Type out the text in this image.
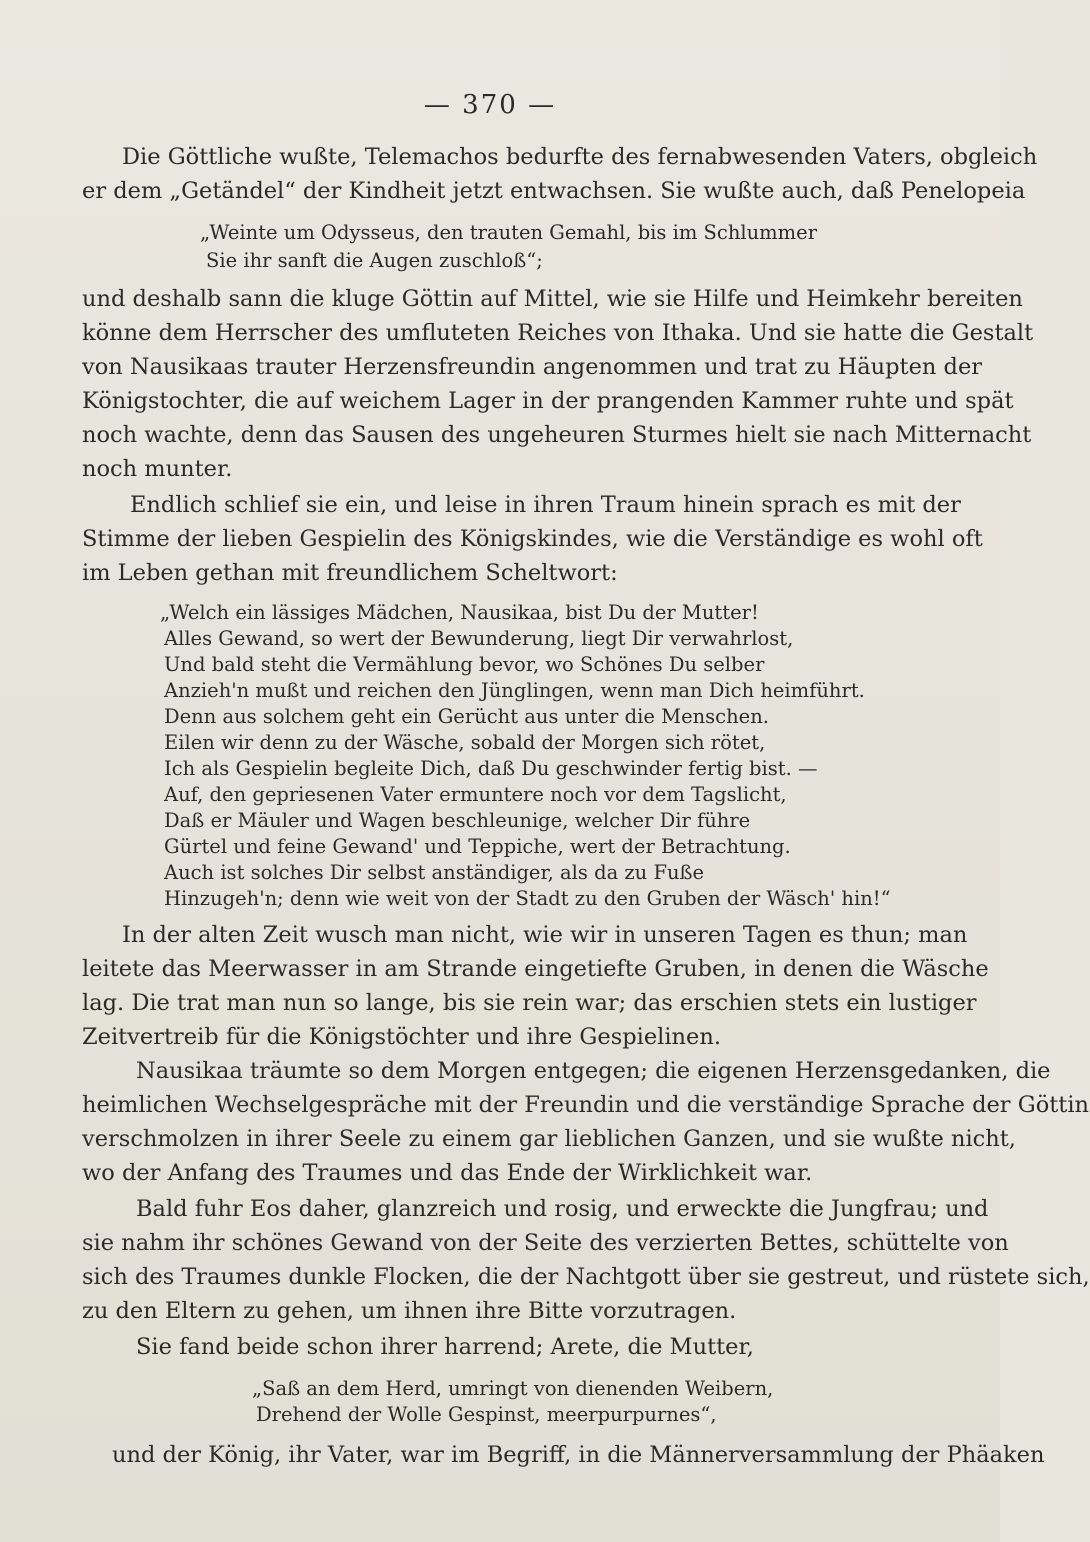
— 370 —
Die Göttliche wußte, Telemachos bedurfte des fernabwesenden Vaters, obgleich
er dem „Getändel“ der Kindheit jetzt entwachsen. Sie wußte auch, daß Penelopeia
„Weinte um Odysseus, den trauten Gemahl, bis im Schlummer
Sie ihr sanft die Augen zuschloß“;
und deshalb sann die kluge Göttin auf Mittel, wie sie Hilfe und Heimkehr bereiten
könne dem Herrscher des umfluteten Reiches von Ithaka. Und sie hatte die Gestalt
von Nausikaas trauter Herzensfreundin angenommen und trat zu Häupten der
Königstochter, die auf weichem Lager in der prangenden Kammer ruhte und spät
noch wachte, denn das Sausen des ungeheuren Sturmes hielt sie nach Mitternacht
noch munter.
Endlich schlief sie ein, und leise in ihren Traum hinein sprach es mit der
Stimme der lieben Gespielin des Königskindes, wie die Verständige es wohl oft
im Leben gethan mit freundlichem Scheltwort:
„Welch ein lässiges Mädchen, Nausikaa, bist Du der Mutter!
Alles Gewand, so wert der Bewunderung, liegt Dir verwahrlost,
Und bald steht die Vermählung bevor, wo Schönes Du selber
Anzieh'n mußt und reichen den Jünglingen, wenn man Dich heimführt.
Denn aus solchem geht ein Gerücht aus unter die Menschen.
Eilen wir denn zu der Wäsche, sobald der Morgen sich rötet,
Ich als Gespielin begleite Dich, daß Du geschwinder fertig bist. —
Auf, den gepriesenen Vater ermuntere noch vor dem Tagslicht,
Daß er Mäuler und Wagen beschleunige, welcher Dir führe
Gürtel und feine Gewand' und Teppiche, wert der Betrachtung.
Auch ist solches Dir selbst anständiger, als da zu Fuße
Hinzugeh'n; denn wie weit von der Stadt zu den Gruben der Wäsch' hin!“
In der alten Zeit wusch man nicht, wie wir in unseren Tagen es thun; man
leitete das Meerwasser in am Strande eingetiefte Gruben, in denen die Wäsche
lag. Die trat man nun so lange, bis sie rein war; das erschien stets ein lustiger
Zeitvertreib für die Königstöchter und ihre Gespielinen.
Nausikaa träumte so dem Morgen entgegen; die eigenen Herzensgedanken, die
heimlichen Wechselgespräche mit der Freundin und die verständige Sprache der Göttin
verschmolzen in ihrer Seele zu einem gar lieblichen Ganzen, und sie wußte nicht,
wo der Anfang des Traumes und das Ende der Wirklichkeit war.
Bald fuhr Eos daher, glanzreich und rosig, und erweckte die Jungfrau; und
sie nahm ihr schönes Gewand von der Seite des verzierten Bettes, schüttelte von
sich des Traumes dunkle Flocken, die der Nachtgott über sie gestreut, und rüstete sich,
zu den Eltern zu gehen, um ihnen ihre Bitte vorzutragen.
Sie fand beide schon ihrer harrend; Arete, die Mutter,
„Saß an dem Herd, umringt von dienenden Weibern,
Drehend der Wolle Gespinst, meerpurpurnes“,
und der König, ihr Vater, war im Begriff, in die Männerversammlung der Phäaken
